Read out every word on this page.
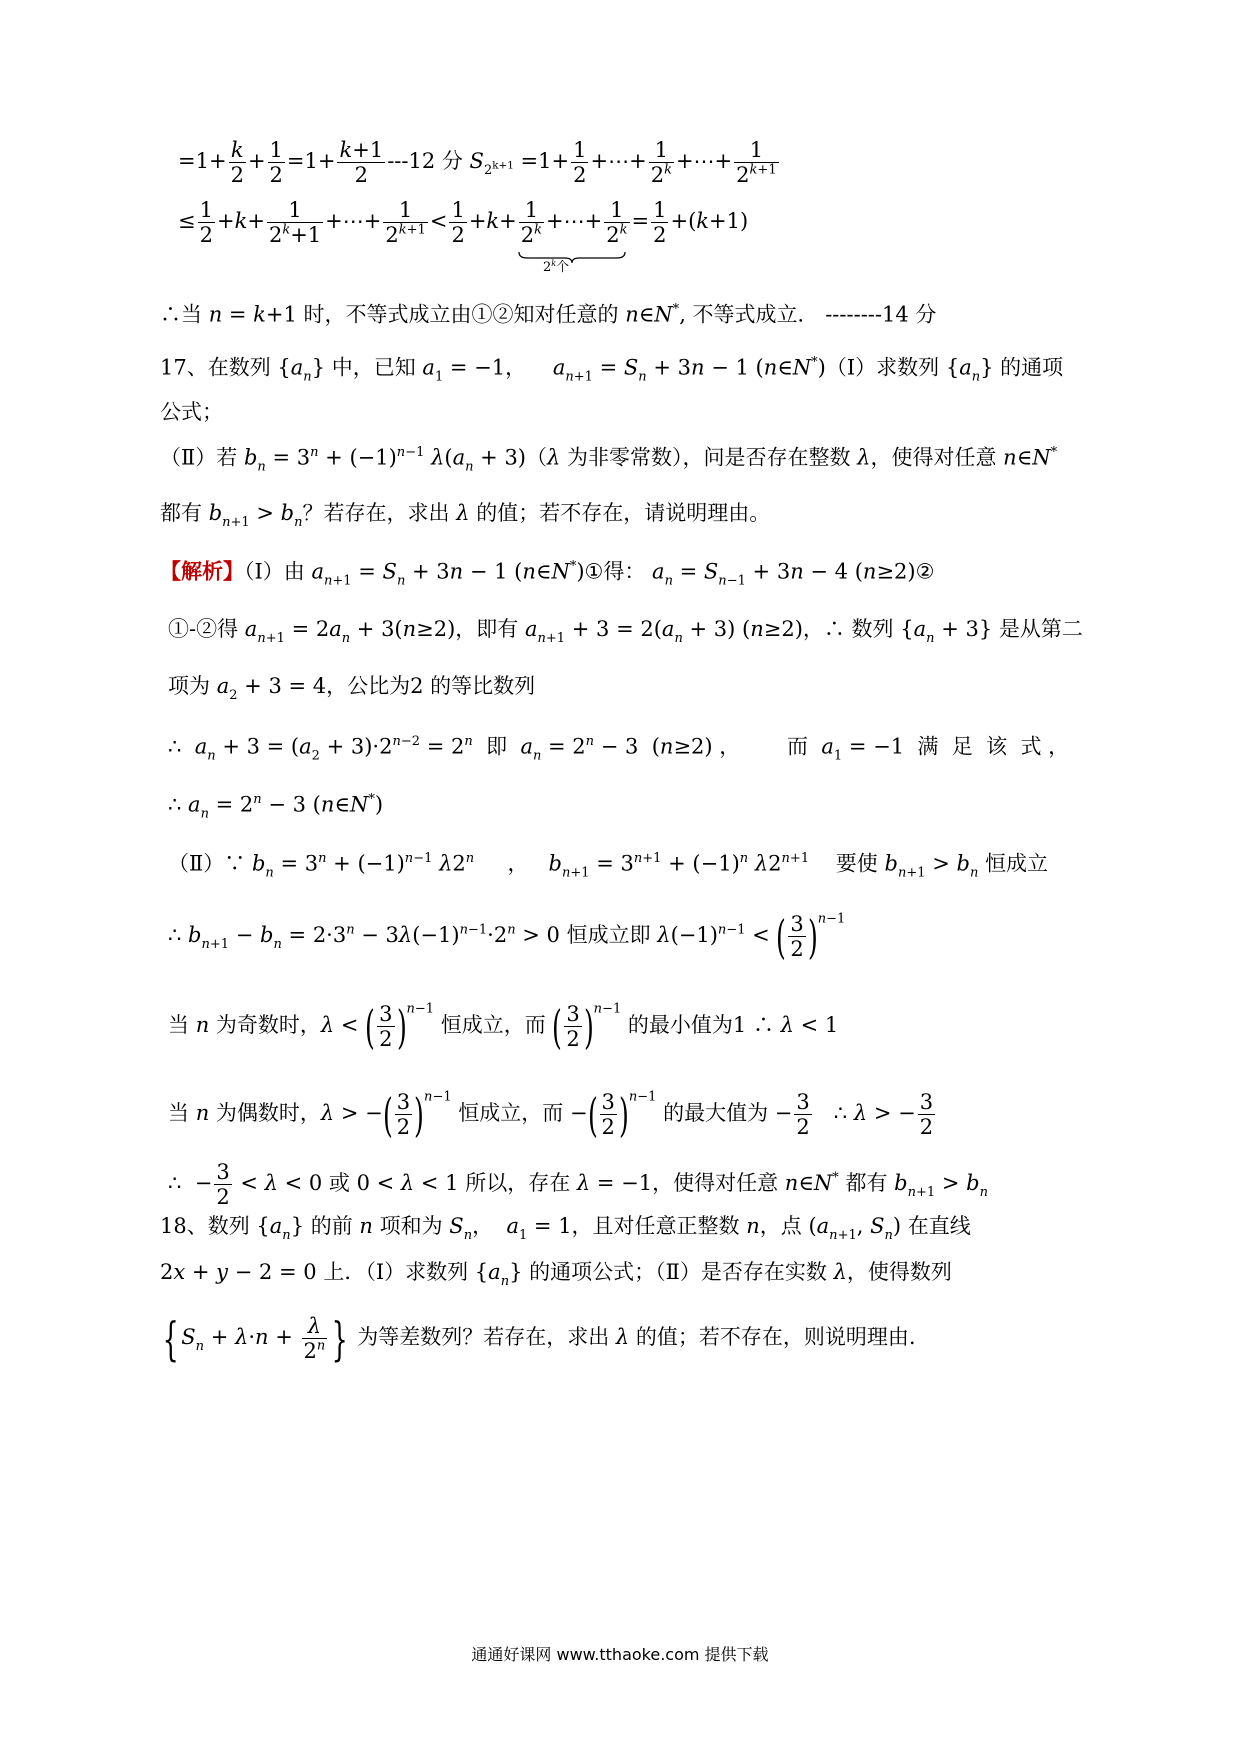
$=1+ \frac{k}{2} + \frac{1}{2} =1+ \frac{k+1}{2} ---12$ 分 $S_{2^{k+1}} =1+ \frac{1}{2}$ +⋯+ $\frac{1}{2^k}$ +⋯+ $\frac{1}{2^{k+1}}$
≤ $\frac{1}{2} +k+ \frac{1}{2^k+1}$ +⋯+ $\frac{1}{2^{k+1}} < \frac{1}{2} +k+ \frac{1}{2^k}$ +⋯+ $\frac{1}{2^k} = \frac{1}{2} +(k+1)$
2$^k$个
∴当 n = k+1 时，不等式成立由①②知对任意的 n∈N*, 不等式成立． --------14 分
17、在数列 $\{a_n\}$ 中，已知 $a_1 = -1$，    $a_{n+1} = S_n + 3n - 1$ (n∈N*)（Ⅰ）求数列 $\{a_n\}$ 的通项
公式；
（Ⅱ）若 $b_n = 3^n + (-1)^{n-1}$ $\lambda(a_n + 3)(\lambda$ 为非零常数），问是否存在整数 λ，使得对任意 n∈N*
都有 $b_{n+1} > b_n$？若存在，求出 λ 的值；若不存在，请说明理由。
【解析】（Ⅰ）由 $a_{n+1} = S_n + 3n - 1$ (n∈N*)①得： $a_n = S_{n-1} + 3n - 4$ (n≥2)②
①-②得 $a_{n+1} = 2a_n + 3(n\ge 2)$，即有 $a_{n+1} + 3 = 2(a_n + 3)$ (n≥2)，∴ 数列 $\{a_n + 3\}$ 是从第二
项为 $a_2 + 3 = 4$，公比为2 的等比数列
∴  $a_n + 3 = (a_2 + 3)\cdot 2^{n-2} = 2^n$  即  $a_n = 2^n - 3$  (n≥2) ，       而  $a_1 = -1$  满  足  该  式 ，
∴ $a_n = 2^n - 3$ (n∈N*)
（Ⅱ）∵ $b_n = 3^n + (-1)^{n-1}$ λ2$^n$     ，   $b_{n+1} = 3^{n+1} + (-1)^n$ $\lambda 2^{n+1}$    要使 $b_{n+1} > b_n$ 恒成立
∴ $b_{n+1} - b_n = 2\cdot 3^n - 3\lambda(-1)^{n-1}\cdot 2^n > 0$ 恒成立即 $\lambda(-1)^{n-1}$ < ( $\frac{3}{2} )^{n-1}$
当 n 为奇数时，λ < ( $\frac{3}{2} )^{n-1}$ 恒成立，而 ( $\frac{3}{2} )^{n-1}$ 的最小值为1 ∴ λ < 1
当 n 为偶数时，λ > −( $\frac{3}{2} )^{n-1}$ 恒成立，而 −( $\frac{3}{2} )^{n-1}$ 的最大值为 − $\frac{3}{2}$ ∴ λ > − $\frac{3}{2}$
∴  − $\frac{3}{2} < \lambda < 0$ 或 0 < λ < 1 所以，存在 λ = −1，使得对任意 n∈N* 都有 $b_{n+1} > b_n$
18、数列 $\{a_n\}$ 的前 n 项和为 $S_n$，  $a_1 = 1$，且对任意正整数 n，点 ($a_{n+1}$, $S_n$) 在直线
2x + y − 2 = 0 上．（Ⅰ）求数列 $\{a_n\}$ 的通项公式；（Ⅱ）是否存在实数 λ，使得数列
{ $S_n + \lambda\cdot n + \frac{\lambda}{2^n}$ } 为等差数列？若存在，求出 λ 的值；若不存在，则说明理由.
通通好课网 www.tthaoke.com 提供下载
